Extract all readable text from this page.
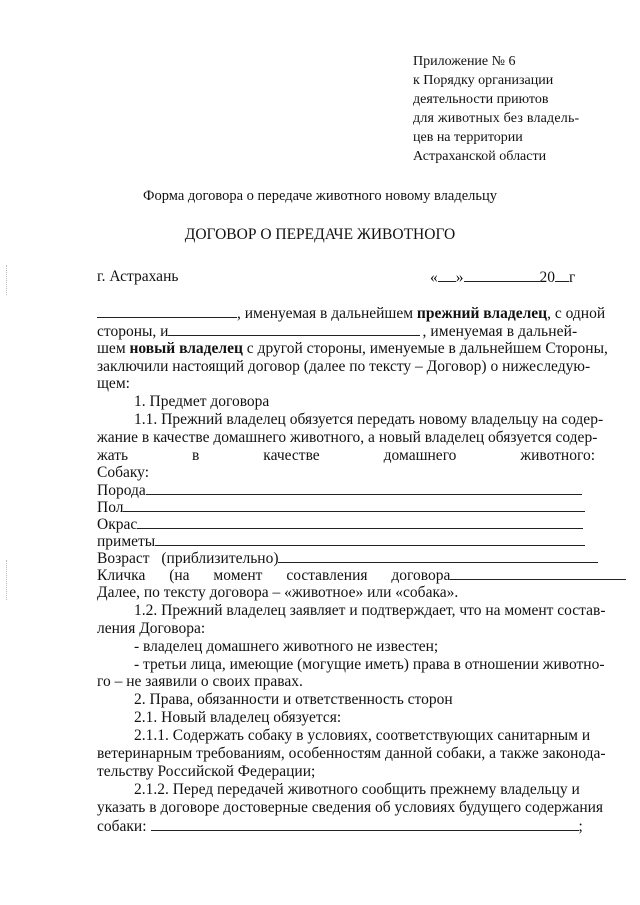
Приложение № 6
к Порядку организации
деятельности приютов
для животных без владель-
цев на территории
Астраханской области
Форма договора о передаче животного новому владельцу
ДОГОВОР О ПЕРЕДАЧЕ ЖИВОТНОГО
г. Астрахань	« »	20 г
, именуемая в дальнейшем прежний владелец, с одной
стороны, и	, именуемая в дальней-
шем новый владелец с другой стороны, именуемые в дальнейшем Стороны,
заключили настоящий договор (далее по тексту – Договор) о нижеследую-
щем:
1. Предмет договора
1.1. Прежний владелец обязуется передать новому владельцу на содер-
жание в качестве домашнего животного, а новый владелец обязуется содер-
жать в качестве домашнего животного:
Собаку:
Порода
Пол
Окрас
приметы
Возраст (приблизительно)
Кличка (на момент составления договора
Далее, по тексту договора – «животное» или «собака».
1.2. Прежний владелец заявляет и подтверждает, что на момент состав-
ления Договора:
- владелец домашнего животного не известен;
- третьи лица, имеющие (могущие иметь) права в отношении животно-
го – не заявили о своих правах.
2. Права, обязанности и ответственность сторон
2.1. Новый владелец обязуется:
2.1.1. Содержать собаку в условиях, соответствующих санитарным и
ветеринарным требованиям, особенностям данной собаки, а также законода-
тельству Российской Федерации;
2.1.2. Перед передачей животного сообщить прежнему владельцу и
указать в договоре достоверные сведения об условиях будущего содержания
собаки:	;
